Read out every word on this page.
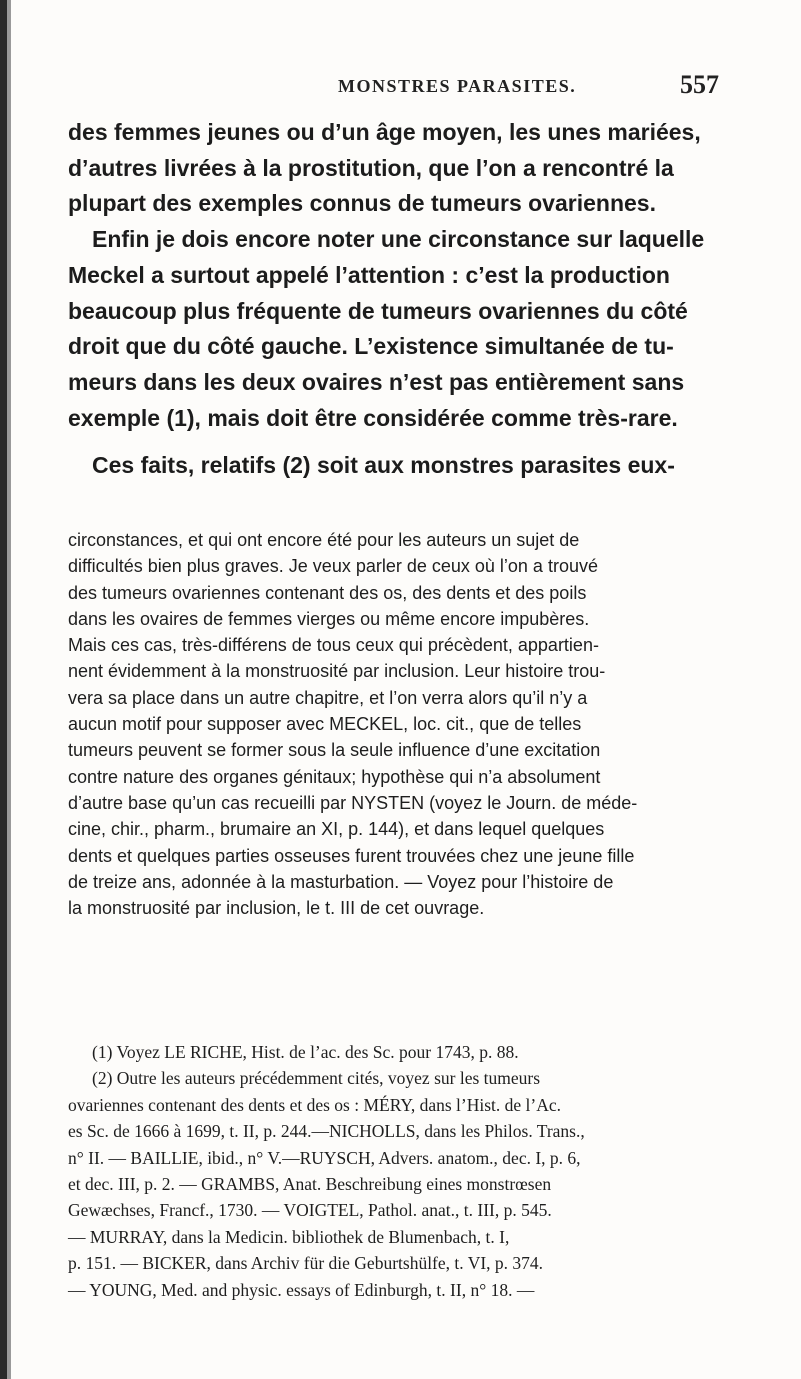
MONSTRES PARASITES.	557
des femmes jeunes ou d’un âge moyen, les unes mariées,
d’autres livrées à la prostitution, que l’on a rencontré la
plupart des exemples connus de tumeurs ovariennes.
Enfin je dois encore noter une circonstance sur laquelle
Meckel a surtout appelé l’attention : c’est la production
beaucoup plus fréquente de tumeurs ovariennes du côté
droit que du côté gauche. L’existence simultanée de tu-
meurs dans les deux ovaires n’est pas entièrement sans
exemple (1), mais doit être considérée comme très-rare.
Ces faits, relatifs (2) soit aux monstres parasites eux-
circonstances, et qui ont encore été pour les auteurs un sujet de
difficultés bien plus graves. Je veux parler de ceux où l’on a trouvé
des tumeurs ovariennes contenant des os, des dents et des poils
dans les ovaires de femmes vierges ou même encore impubères.
Mais ces cas, très-différens de tous ceux qui précèdent, appartien-
nent évidemment à la monstruosité par inclusion. Leur histoire trou-
vera sa place dans un autre chapitre, et l’on verra alors qu’il n’y a
aucun motif pour supposer avec MECKEL, loc. cit., que de telles
tumeurs peuvent se former sous la seule influence d’une excitation
contre nature des organes génitaux; hypothèse qui n’a absolument
d’autre base qu’un cas recueilli par NYSTEN (voyez le Journ. de méde-
cine, chir., pharm., brumaire an XI, p. 144), et dans lequel quelques
dents et quelques parties osseuses furent trouvées chez une jeune fille
de treize ans, adonnée à la masturbation. — Voyez pour l’histoire de
la monstruosité par inclusion, le t. III de cet ouvrage.
(1) Voyez LE RICHE, Hist. de l’ac. des Sc. pour 1743, p. 88.
(2) Outre les auteurs précédemment cités, voyez sur les tumeurs
ovariennes contenant des dents et des os : MÉRY, dans l’Hist. de l’Ac.
es Sc. de 1666 à 1699, t. II, p. 244.—NICHOLLS, dans les Philos. Trans.,
n° II. — BAILLIE, ibid., n° V.—RUYSCH, Advers. anatom., dec. I, p. 6,
et dec. III, p. 2. — GRAMBS, Anat. Beschreibung eines monstrœsen
Gewæchses, Francf., 1730. — VOIGTEL, Pathol. anat., t. III, p. 545.
— MURRAY, dans la Medicin. bibliothek de Blumenbach, t. I,
p. 151. — BICKER, dans Archiv für die Geburtshülfe, t. VI, p. 374.
— YOUNG, Med. and physic. essays of Edinburgh, t. II, n° 18. —
